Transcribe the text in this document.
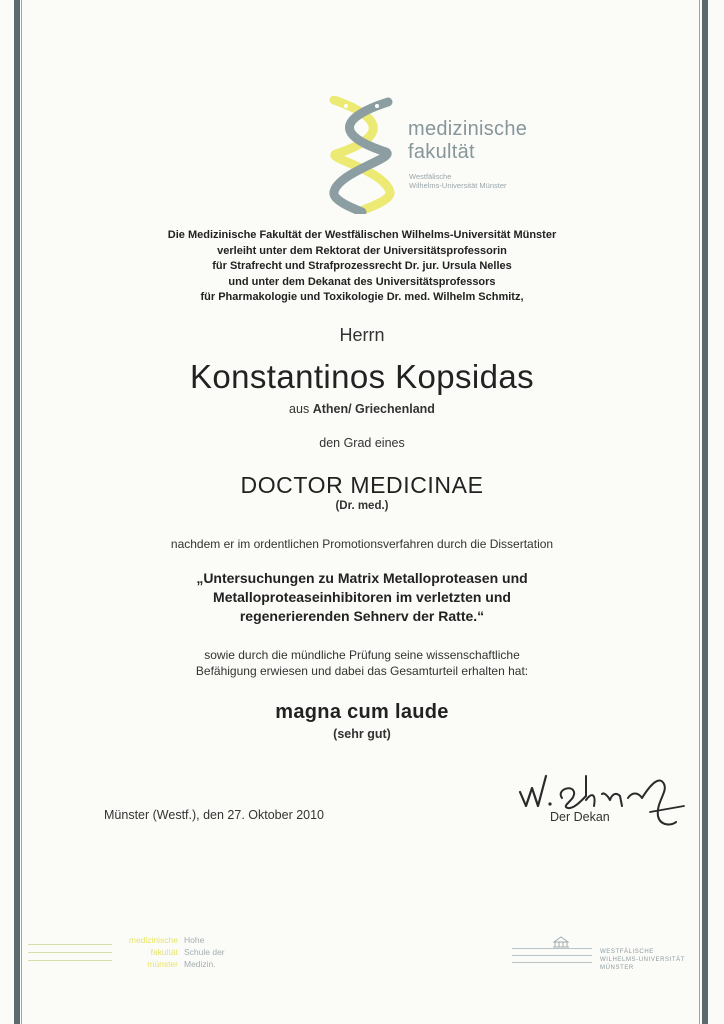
medizinische
fakultät
Westfälische
Wilhelms-Universität Münster
Die Medizinische Fakultät der Westfälischen Wilhelms-Universität Münster
verleiht unter dem Rektorat der Universitätsprofessorin
für Strafrecht und Strafprozessrecht Dr. jur. Ursula Nelles
und unter dem Dekanat des Universitätsprofessors
für Pharmakologie und Toxikologie Dr. med. Wilhelm Schmitz,
Herrn
Konstantinos Kopsidas
aus Athen/ Griechenland
den Grad eines
DOCTOR MEDICINAE
(Dr. med.)
nachdem er im ordentlichen Promotionsverfahren durch die Dissertation
„Untersuchungen zu Matrix Metalloproteasen und
Metalloproteaseinhibitoren im verletzten und
regenerierenden Sehnerv der Ratte.“
sowie durch die mündliche Prüfung seine wissenschaftliche
Befähigung erwiesen und dabei das Gesamturteil erhalten hat:
magna cum laude
(sehr gut)
Münster (Westf.), den 27. Oktober 2010	Der Dekan
medizinische
fakultät
münster
Hohe
Schule der
Medizin.
WESTFÄLISCHE
WILHELMS-UNIVERSITÄT
MÜNSTER
